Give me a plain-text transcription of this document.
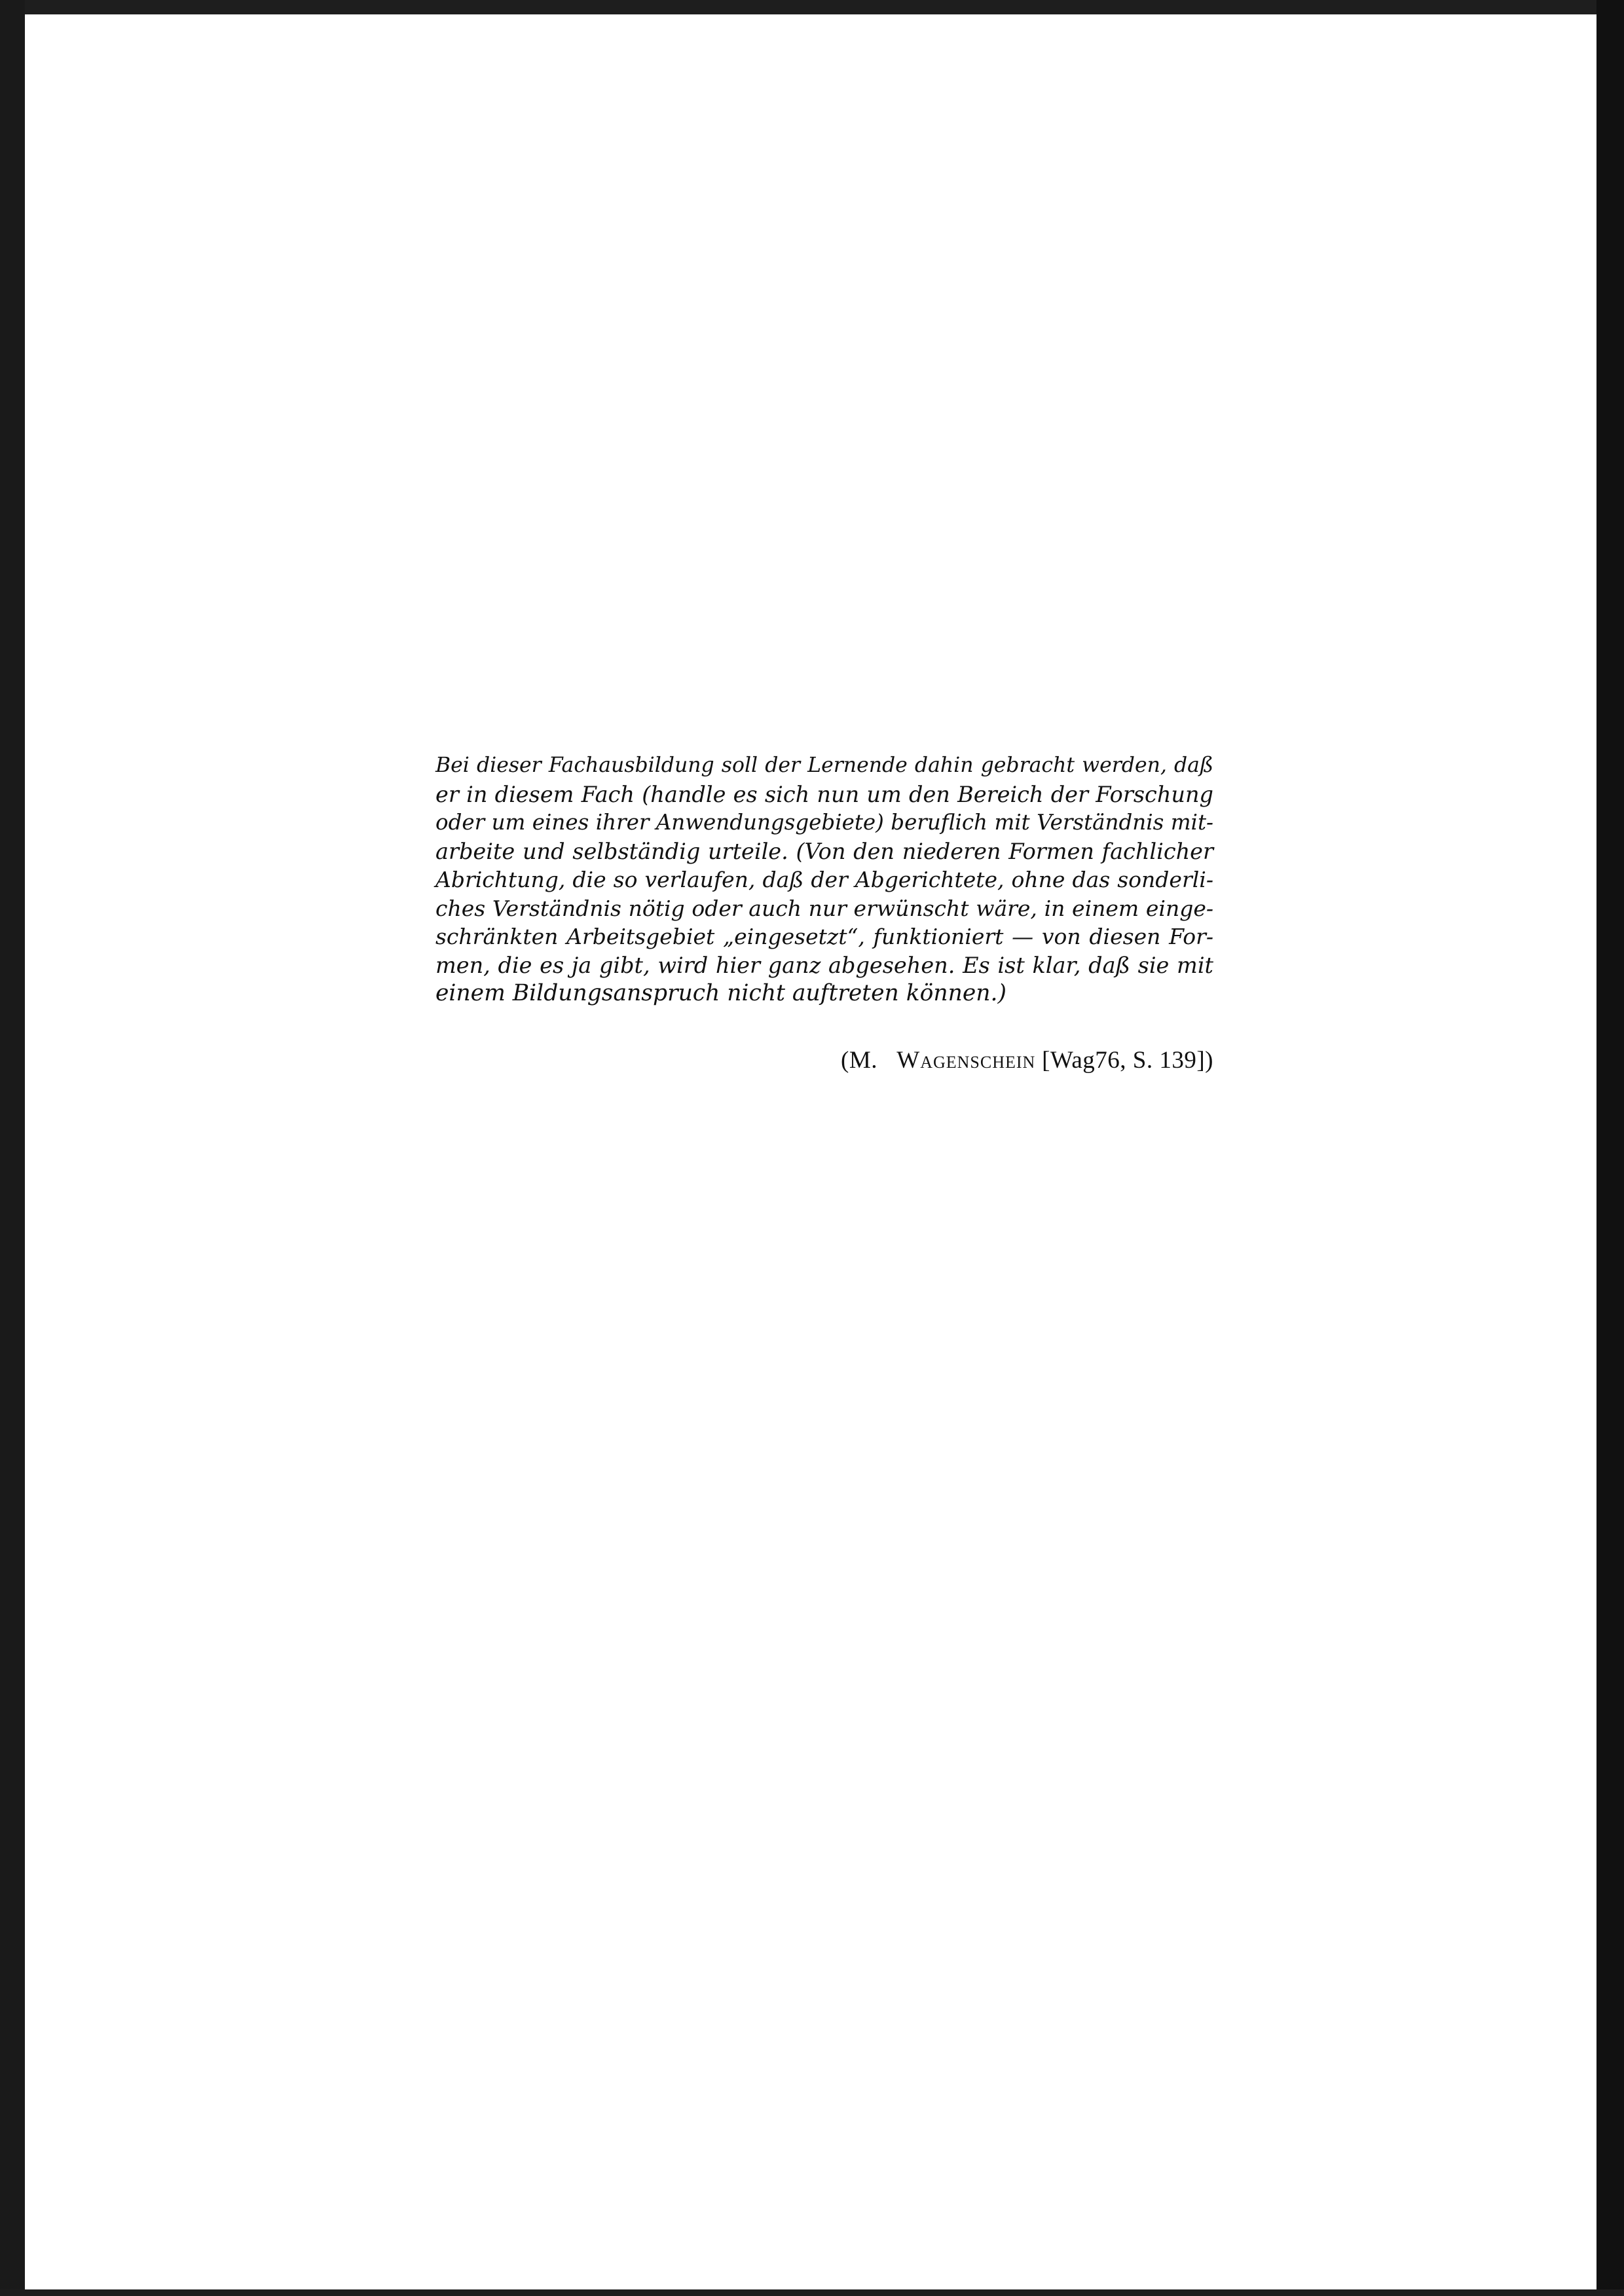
Bei dieser Fachausbildung soll der Lernende dahin gebracht werden, daß
er in diesem Fach (handle es sich nun um den Bereich der Forschung
oder um eines ihrer Anwendungsgebiete) beruflich mit Verständnis mit-
arbeite und selbständig urteile. (Von den niederen Formen fachlicher
Abrichtung, die so verlaufen, daß der Abgerichtete, ohne das sonderli-
ches Verständnis nötig oder auch nur erwünscht wäre, in einem einge-
schränkten Arbeitsgebiet „eingesetzt“, funktioniert — von diesen For-
men, die es ja gibt, wird hier ganz abgesehen. Es ist klar, daß sie mit
einem Bildungsanspruch nicht auftreten können.)
(M. Wagenschein [Wag76, S. 139])
